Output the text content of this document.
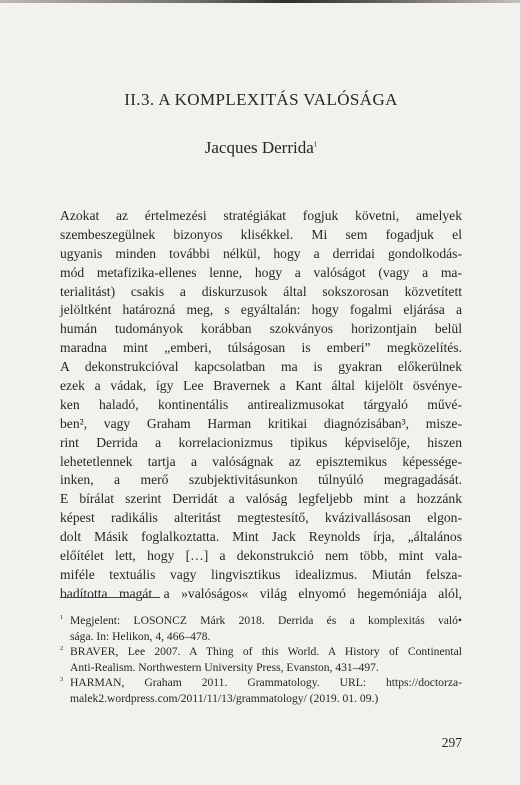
II.3. A KOMPLEXITÁS VALÓSÁGA
Jacques Derrida$^1$
Azokat az értelmezési stratégiákat fogjuk követni, amelyek
szembeszegülnek bizonyos klisékkel. Mi sem fogadjuk el
ugyanis minden további nélkül, hogy a derridai gondolkodás-
mód metafizika-ellenes lenne, hogy a valóságot (vagy a ma-
terialitást) csakis a diskurzusok által sokszorosan közvetített
jelöltként határozná meg, s egyáltalán: hogy fogalmi eljárása a
humán tudományok korábban szokványos horizontjain belül
maradna mint „emberi, túlságosan is emberi” megközelítés.
A dekonstrukcióval kapcsolatban ma is gyakran előkerülnek
ezek a vádak, így Lee Bravernek a Kant által kijelölt ösvénye-
ken haladó, kontinentális antirealizmusokat tárgyaló művé-
ben², vagy Graham Harman kritikai diagnózisában³, misze-
rint Derrida a korrelacionizmus tipikus képviselője, hiszen
lehetetlennek tartja a valóságnak az episztemikus képessége-
inken, a merő szubjektivitásunkon túlnyúló megragadását.
E bírálat szerint Derridát a valóság legfeljebb mint a hozzánk
képest radikális alteritást megtestesítő, kvázivallásosan elgon-
dolt Másik foglalkoztatta. Mint Jack Reynolds írja, „általános
előítélet lett, hogy […] a dekonstrukció nem több, mint vala-
miféle textuális vagy lingvisztikus idealizmus. Miután felsza-
badította magát a »valóságos« világ elnyomó hegemóniája alól,
$^1$ Megjelent: LOSONCZ Márk 2018. Derrida és a komplexitás való•
sága. In: Helikon, 4, 466–478.
$^2$ BRAVER, Lee 2007. A Thing of this World. A History of Continental
Anti-Realism. Northwestern University Press, Evanston, 431–497.
$^3$ HARMAN, Graham 2011. Grammatology. URL: https://doctorza-
malek2.wordpress.com/2011/11/13/grammatology/ (2019. 01. 09.)
297
